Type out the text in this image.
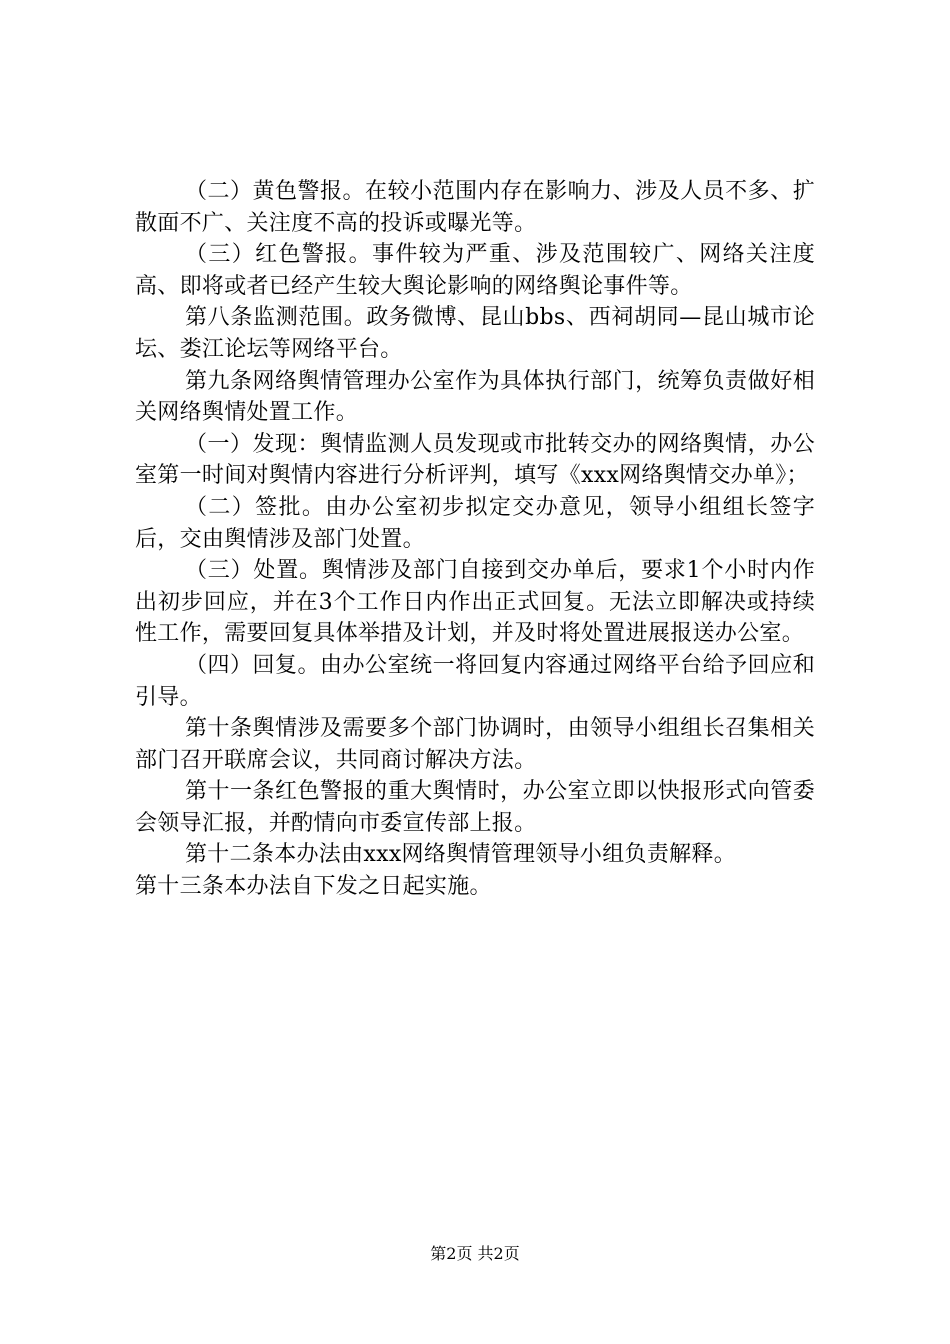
（二）黄色警报。在较小范围内存在影响力、涉及人员不多、扩散面不广、关注度不高的投诉或曝光等。

（三）红色警报。事件较为严重、涉及范围较广、网络关注度高、即将或者已经产生较大舆论影响的网络舆论事件等。

第八条监测范围。政务微博、昆山bbs、西祠胡同—昆山城市论坛、娄江论坛等网络平台。

第九条网络舆情管理办公室作为具体执行部门，统筹负责做好相关网络舆情处置工作。

（一）发现：舆情监测人员发现或市批转交办的网络舆情，办公室第一时间对舆情内容进行分析评判，填写《xxx网络舆情交办单》；

（二）签批。由办公室初步拟定交办意见，领导小组组长签字后，交由舆情涉及部门处置。

（三）处置。舆情涉及部门自接到交办单后，要求1个小时内作出初步回应，并在3个工作日内作出正式回复。无法立即解决或持续性工作，需要回复具体举措及计划，并及时将处置进展报送办公室。

（四）回复。由办公室统一将回复内容通过网络平台给予回应和引导。

第十条舆情涉及需要多个部门协调时，由领导小组组长召集相关部门召开联席会议，共同商讨解决方法。

第十一条红色警报的重大舆情时，办公室立即以快报形式向管委会领导汇报，并酌情向市委宣传部上报。

第十二条本办法由xxx网络舆情管理领导小组负责解释。

第十三条本办法自下发之日起实施。

第2页 共2页
